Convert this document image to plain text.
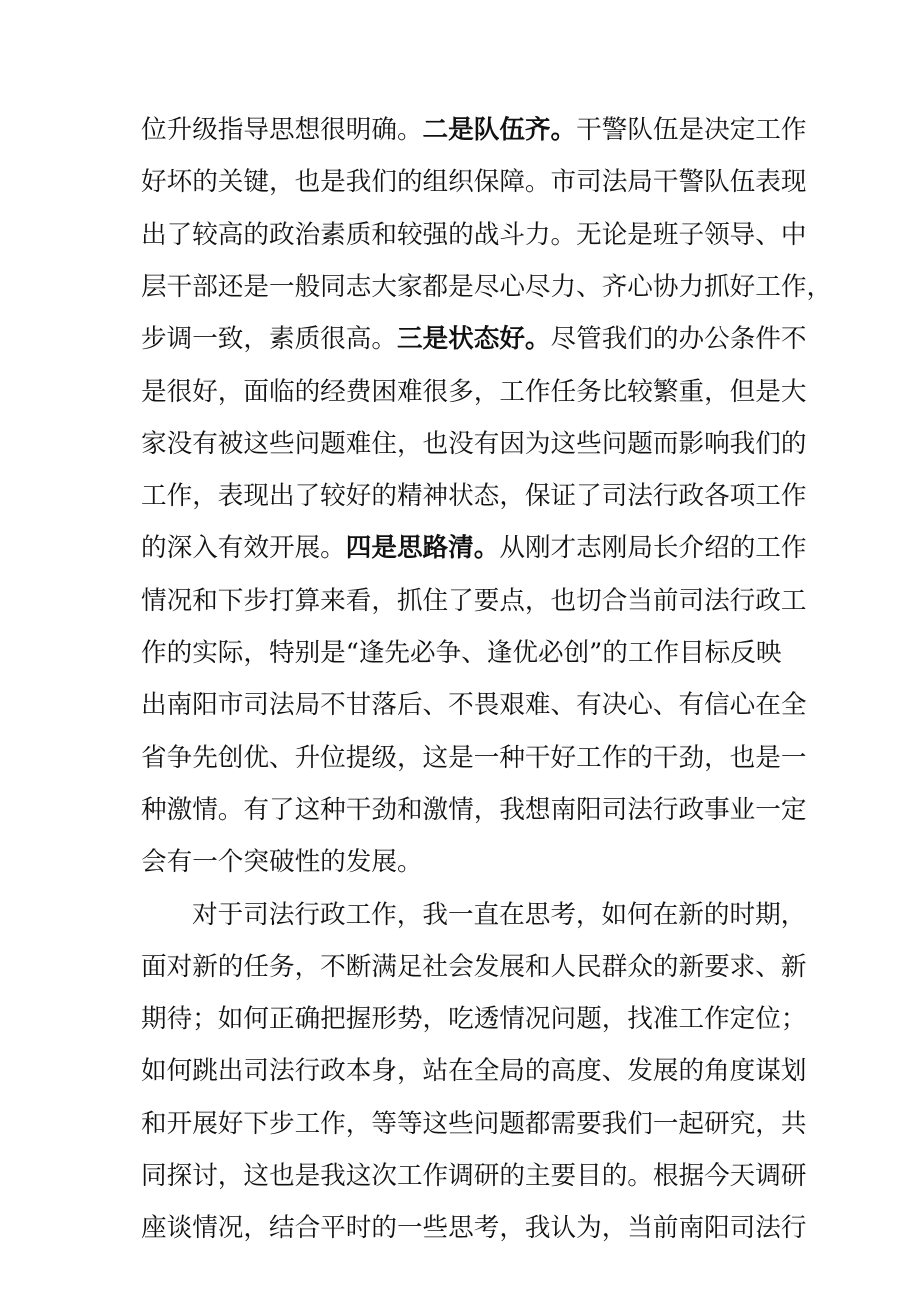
位升级指导思想很明确。二是队伍齐。干警队伍是决定工作
好坏的关键，也是我们的组织保障。市司法局干警队伍表现
出了较高的政治素质和较强的战斗力。无论是班子领导、中
层干部还是一般同志大家都是尽心尽力、齐心协力抓好工作，
步调一致，素质很高。三是状态好。尽管我们的办公条件不
是很好，面临的经费困难很多，工作任务比较繁重，但是大
家没有被这些问题难住，也没有因为这些问题而影响我们的
工作，表现出了较好的精神状态，保证了司法行政各项工作
的深入有效开展。四是思路清。从刚才志刚局长介绍的工作
情况和下步打算来看，抓住了要点，也切合当前司法行政工
作的实际，特别是“逢先必争、逢优必创”的工作目标反映
出南阳市司法局不甘落后、不畏艰难、有决心、有信心在全
省争先创优、升位提级，这是一种干好工作的干劲，也是一
种激情。有了这种干劲和激情，我想南阳司法行政事业一定
会有一个突破性的发展。
对于司法行政工作，我一直在思考，如何在新的时期，
面对新的任务，不断满足社会发展和人民群众的新要求、新
期待；如何正确把握形势，吃透情况问题，找准工作定位；
如何跳出司法行政本身，站在全局的高度、发展的角度谋划
和开展好下步工作，等等这些问题都需要我们一起研究，共
同探讨，这也是我这次工作调研的主要目的。根据今天调研
座谈情况，结合平时的一些思考，我认为，当前南阳司法行
